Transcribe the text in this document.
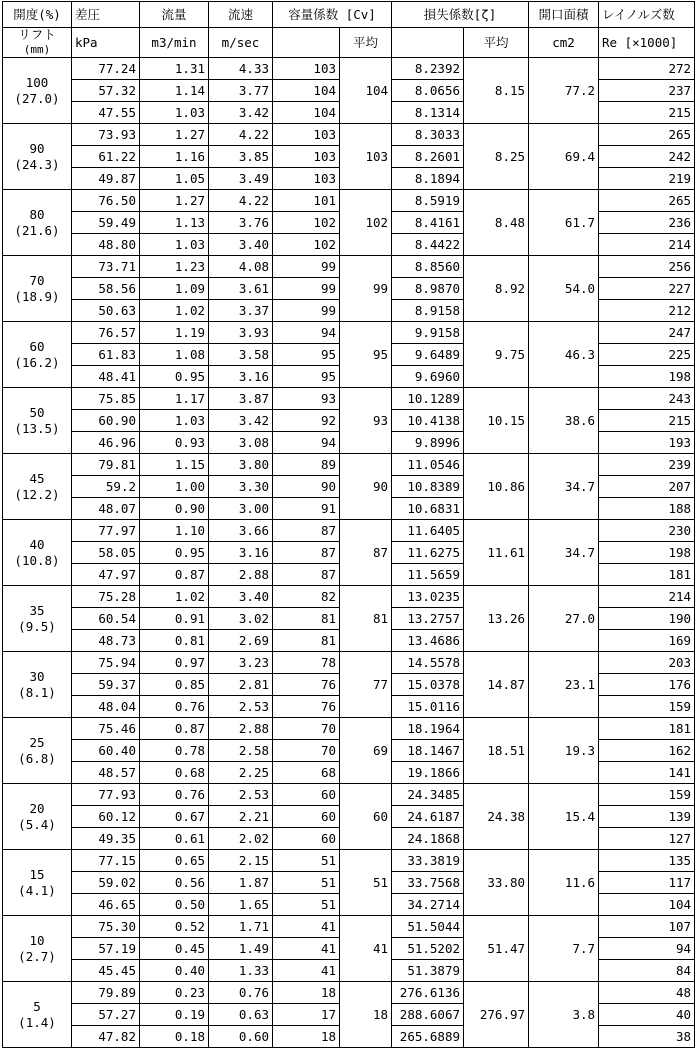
開度(%)	差圧	流量	流速	容量係数 [Cv]		損失係数[ζ]		開口面積	レイノルズ数
リフト
(mm)	kPa	m3/min	m/sec		平均		平均	cm2	Re [×1000]
100
(27.0)	77.24	1.31	4.33	103	104	8.2392	8.15	77.2	272
	57.32	1.14	3.77	104		8.0656			237
	47.55	1.03	3.42	104		8.1314			215
90
(24.3)	73.93	1.27	4.22	103	103	8.3033	8.25	69.4	265
	61.22	1.16	3.85	103		8.2601			242
	49.87	1.05	3.49	103		8.1894			219
80
(21.6)	76.50	1.27	4.22	101	102	8.5919	8.48	61.7	265
	59.49	1.13	3.76	102		8.4161			236
	48.80	1.03	3.40	102		8.4422			214
70
(18.9)	73.71	1.23	4.08	99	99	8.8560	8.92	54.0	256
	58.56	1.09	3.61	99		8.9870			227
	50.63	1.02	3.37	99		8.9158			212
60
(16.2)	76.57	1.19	3.93	94	95	9.9158	9.75	46.3	247
	61.83	1.08	3.58	95		9.6489			225
	48.41	0.95	3.16	95		9.6960			198
50
(13.5)	75.85	1.17	3.87	93	93	10.1289	10.15	38.6	243
	60.90	1.03	3.42	92		10.4138			215
	46.96	0.93	3.08	94		9.8996			193
45
(12.2)	79.81	1.15	3.80	89	90	11.0546	10.86	34.7	239
	59.2	1.00	3.30	90		10.8389			207
	48.07	0.90	3.00	91		10.6831			188
40
(10.8)	77.97	1.10	3.66	87	87	11.6405	11.61	34.7	230
	58.05	0.95	3.16	87		11.6275			198
	47.97	0.87	2.88	87		11.5659			181
35
(9.5)	75.28	1.02	3.40	82	81	13.0235	13.26	27.0	214
	60.54	0.91	3.02	81		13.2757			190
	48.73	0.81	2.69	81		13.4686			169
30
(8.1)	75.94	0.97	3.23	78	77	14.5578	14.87	23.1	203
	59.37	0.85	2.81	76		15.0378			176
	48.04	0.76	2.53	76		15.0116			159
25
(6.8)	75.46	0.87	2.88	70	69	18.1964	18.51	19.3	181
	60.40	0.78	2.58	70		18.1467			162
	48.57	0.68	2.25	68		19.1866			141
20
(5.4)	77.93	0.76	2.53	60	60	24.3485	24.38	15.4	159
	60.12	0.67	2.21	60		24.6187			139
	49.35	0.61	2.02	60		24.1868			127
15
(4.1)	77.15	0.65	2.15	51	51	33.3819	33.80	11.6	135
	59.02	0.56	1.87	51		33.7568			117
	46.65	0.50	1.65	51		34.2714			104
10
(2.7)	75.30	0.52	1.71	41	41	51.5044	51.47	7.7	107
	57.19	0.45	1.49	41		51.5202			94
	45.45	0.40	1.33	41		51.3879			84
5
(1.4)	79.89	0.23	0.76	18	18	276.6136	276.97	3.8	48
	57.27	0.19	0.63	17		288.6067			40
	47.82	0.18	0.60	18		265.6889			38
